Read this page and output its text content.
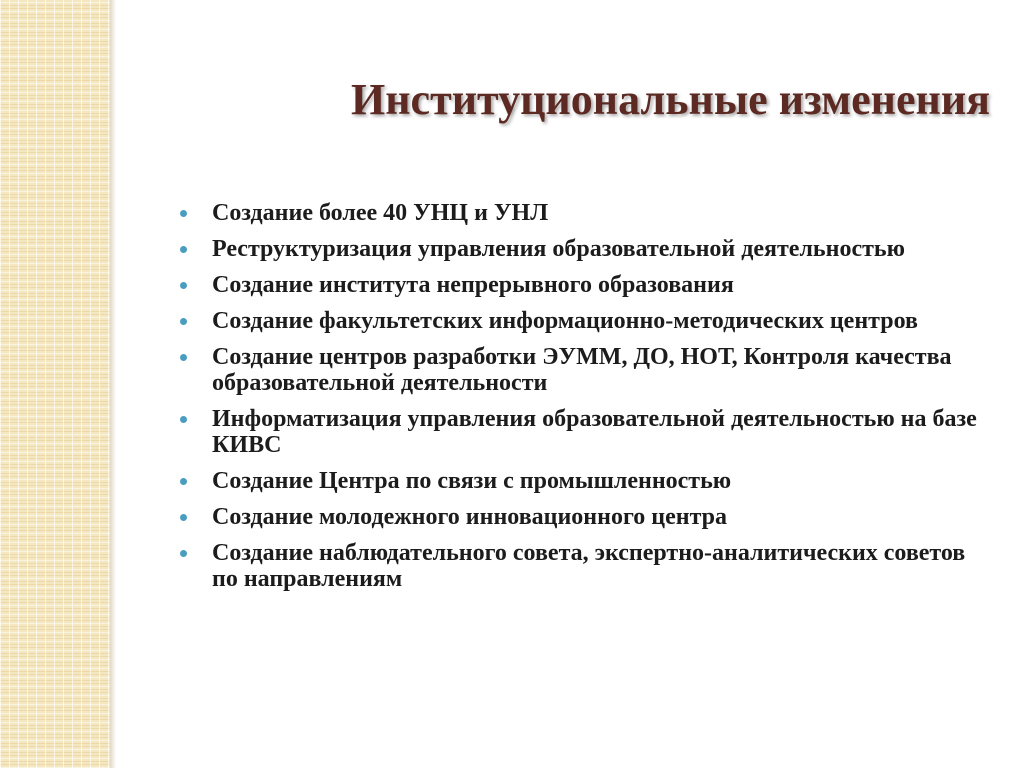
Институциональные изменения
Создание более 40 УНЦ и УНЛ
Реструктуризация управления образовательной деятельностью
Создание института непрерывного образования
Создание факультетских информационно-методических центров
Создание центров разработки ЭУММ, ДО, НОТ, Контроля качества образовательной деятельности
Информатизация управления образовательной деятельностью на базе КИВС
Создание Центра по связи с промышленностью
Создание молодежного инновационного центра
Создание наблюдательного совета, экспертно-аналитических советов по направлениям
